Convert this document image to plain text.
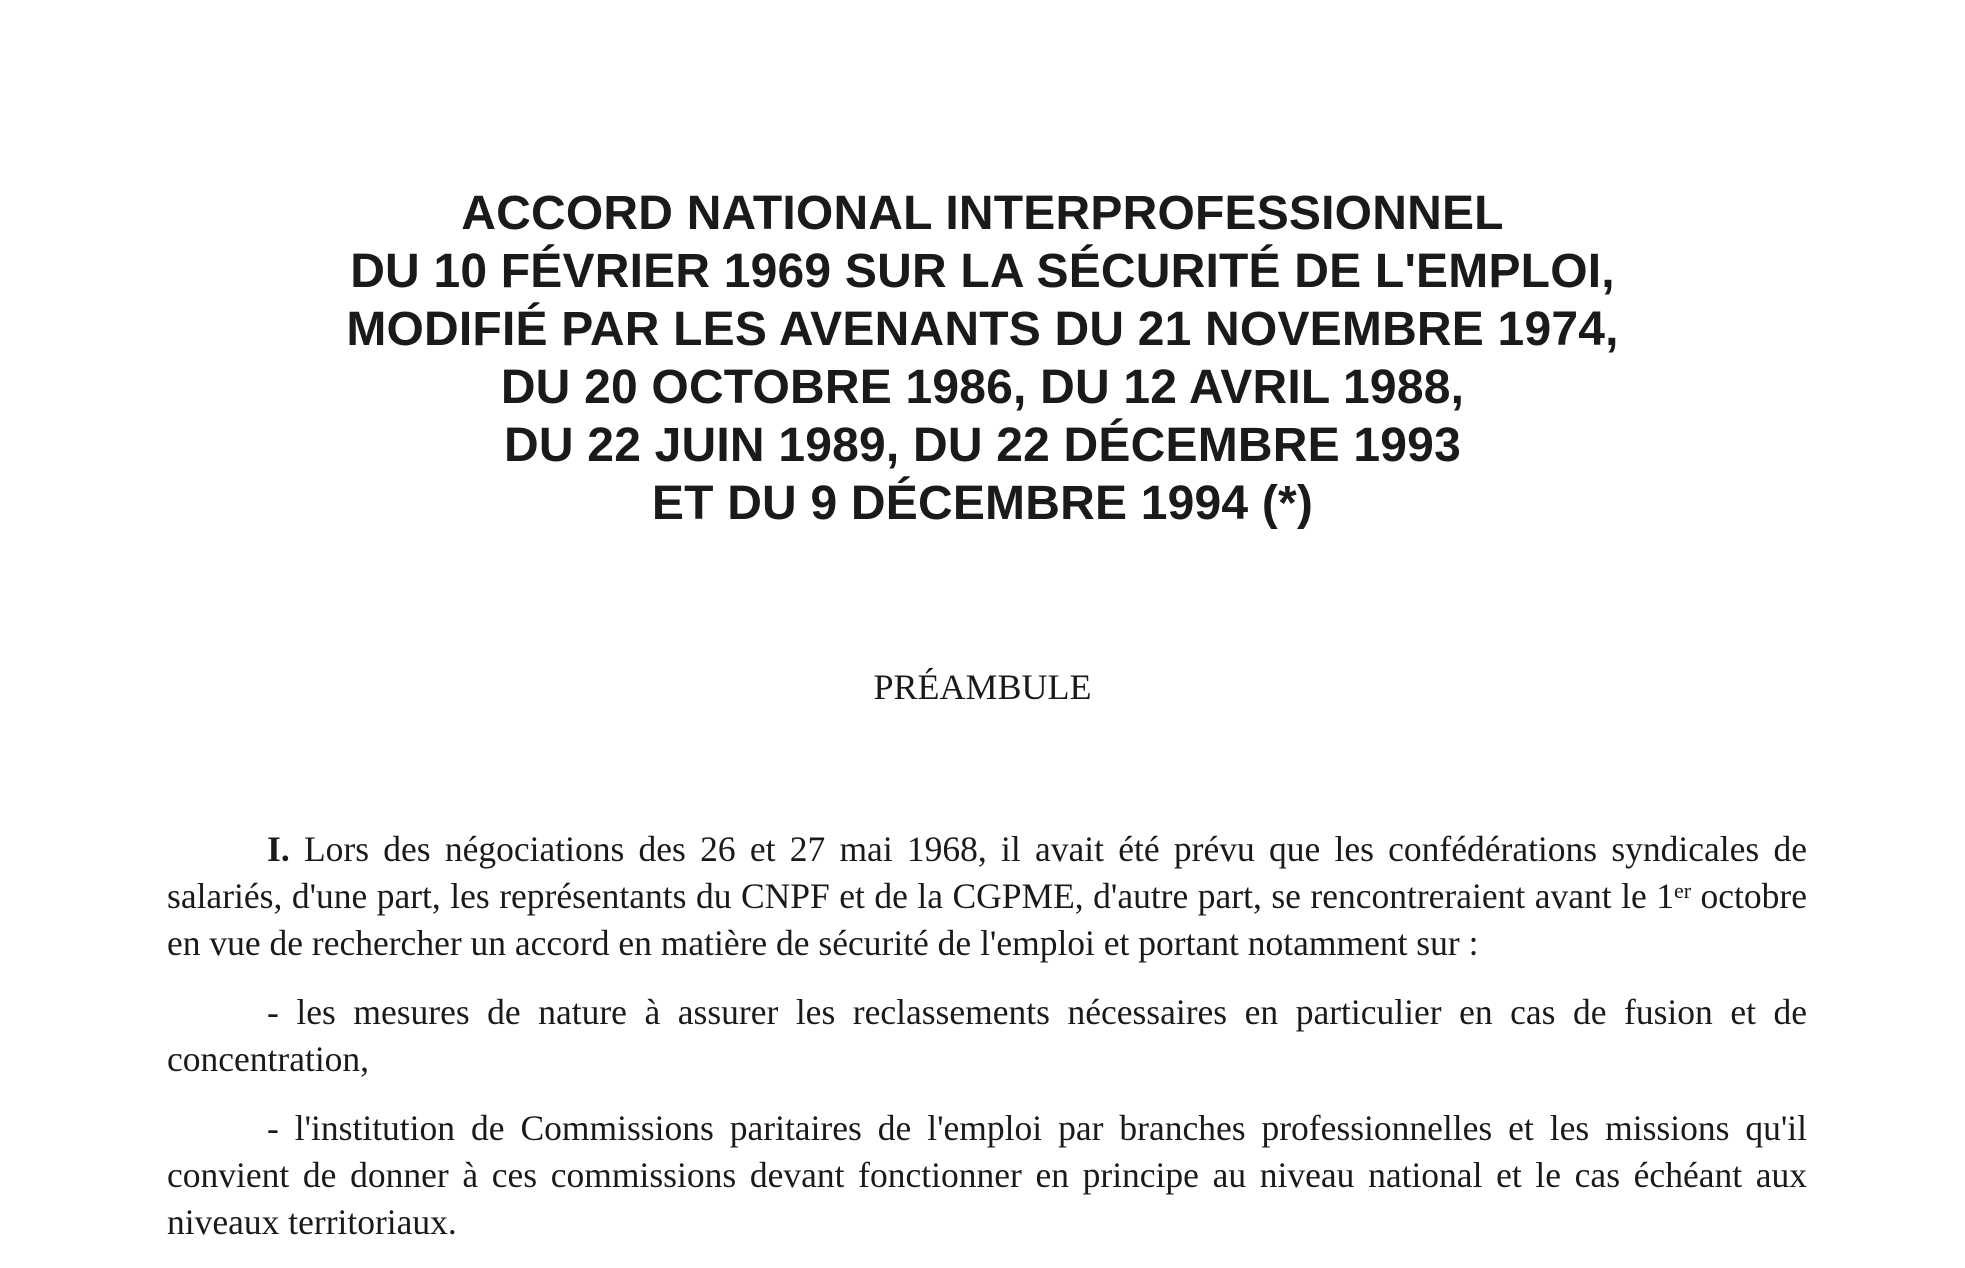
ACCORD NATIONAL INTERPROFESSIONNEL
DU 10 FÉVRIER 1969 SUR LA SÉCURITÉ DE L'EMPLOI,
MODIFIÉ PAR LES AVENANTS DU 21 NOVEMBRE 1974,
DU 20 OCTOBRE 1986, DU 12 AVRIL 1988,
DU 22 JUIN 1989, DU 22 DÉCEMBRE 1993
ET DU 9 DÉCEMBRE 1994 (*)
PRÉAMBULE

I. Lors des négociations des 26 et 27 mai 1968, il avait été prévu que les confédérations syndicales de salariés, d'une part, les représentants du CNPF et de la CGPME, d'autre part, se rencontreraient avant le 1er octobre en vue de rechercher un accord en matière de sécurité de l'emploi et portant notamment sur :

- les mesures de nature à assurer les reclassements nécessaires en particulier en cas de fusion et de concentration,

- l'institution de Commissions paritaires de l'emploi par branches professionnelles et les missions qu'il convient de donner à ces commissions devant fonctionner en principe au niveau national et le cas échéant aux niveaux territoriaux.
